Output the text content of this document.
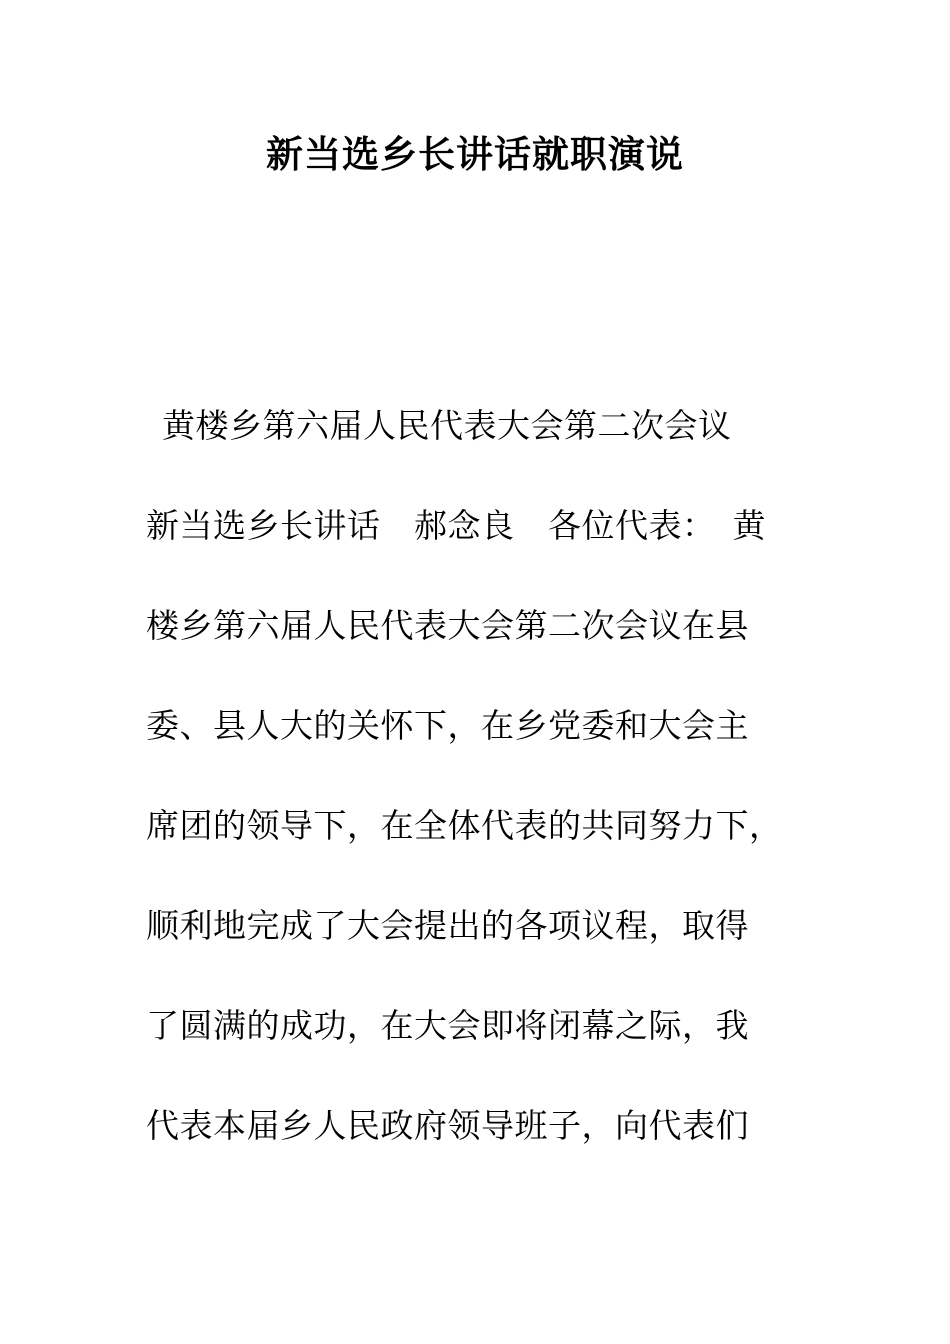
新当选乡长讲话就职演说
黄楼乡第六届人民代表大会第二次会议
新当选乡长讲话　郝念良　各位代表：　黄
楼乡第六届人民代表大会第二次会议在县
委、县人大的关怀下，在乡党委和大会主
席团的领导下，在全体代表的共同努力下，
顺利地完成了大会提出的各项议程，取得
了圆满的成功，在大会即将闭幕之际，我
代表本届乡人民政府领导班子，向代表们
